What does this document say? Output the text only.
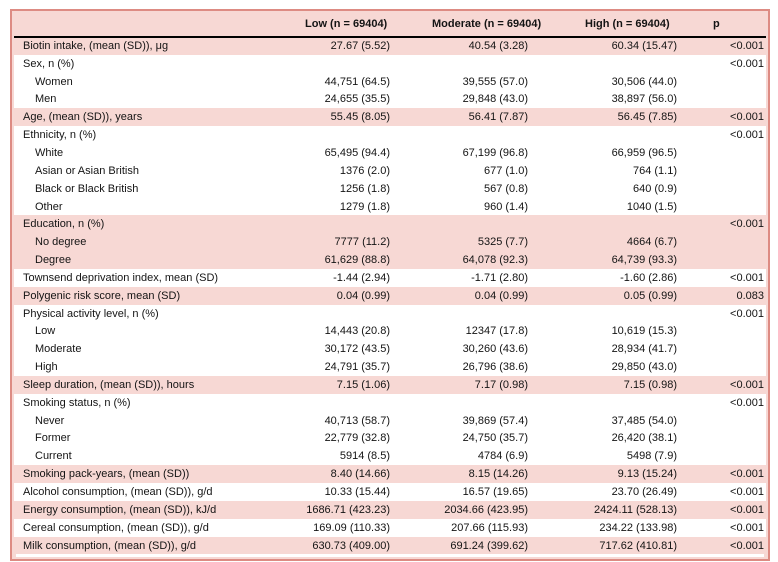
	Low (n = 69404)	Moderate (n = 69404)	High (n = 69404)	p
Biotin intake, (mean (SD)), μg	27.67 (5.52)	40.54 (3.28)	60.34 (15.47)	<0.001
Sex, n (%)				<0.001
Women	44,751 (64.5)	39,555 (57.0)	30,506 (44.0)	
Men	24,655 (35.5)	29,848 (43.0)	38,897 (56.0)	
Age, (mean (SD)), years	55.45 (8.05)	56.41 (7.87)	56.45 (7.85)	<0.001
Ethnicity, n (%)				<0.001
White	65,495 (94.4)	67,199 (96.8)	66,959 (96.5)	
Asian or Asian British	1376 (2.0)	677 (1.0)	764 (1.1)	
Black or Black British	1256 (1.8)	567 (0.8)	640 (0.9)	
Other	1279 (1.8)	960 (1.4)	1040 (1.5)	
Education, n (%)				<0.001
No degree	7777 (11.2)	5325 (7.7)	4664 (6.7)	
Degree	61,629 (88.8)	64,078 (92.3)	64,739 (93.3)	
Townsend deprivation index, mean (SD)	-1.44 (2.94)	-1.71 (2.80)	-1.60 (2.86)	<0.001
Polygenic risk score, mean (SD)	0.04 (0.99)	0.04 (0.99)	0.05 (0.99)	0.083
Physical activity level, n (%)				<0.001
Low	14,443 (20.8)	12347 (17.8)	10,619 (15.3)	
Moderate	30,172 (43.5)	30,260 (43.6)	28,934 (41.7)	
High	24,791 (35.7)	26,796 (38.6)	29,850 (43.0)	
Sleep duration, (mean (SD)), hours	7.15 (1.06)	7.17 (0.98)	7.15 (0.98)	<0.001
Smoking status, n (%)				<0.001
Never	40,713 (58.7)	39,869 (57.4)	37,485 (54.0)	
Former	22,779 (32.8)	24,750 (35.7)	26,420 (38.1)	
Current	5914 (8.5)	4784 (6.9)	5498 (7.9)	
Smoking pack-years, (mean (SD))	8.40 (14.66)	8.15 (14.26)	9.13 (15.24)	<0.001
Alcohol consumption, (mean (SD)), g/d	10.33 (15.44)	16.57 (19.65)	23.70 (26.49)	<0.001
Energy consumption, (mean (SD)), kJ/d	1686.71 (423.23)	2034.66 (423.95)	2424.11 (528.13)	<0.001
Cereal consumption, (mean (SD)), g/d	169.09 (110.33)	207.66 (115.93)	234.22 (133.98)	<0.001
Milk consumption, (mean (SD)), g/d	630.73 (409.00)	691.24 (399.62)	717.62 (410.81)	<0.001
